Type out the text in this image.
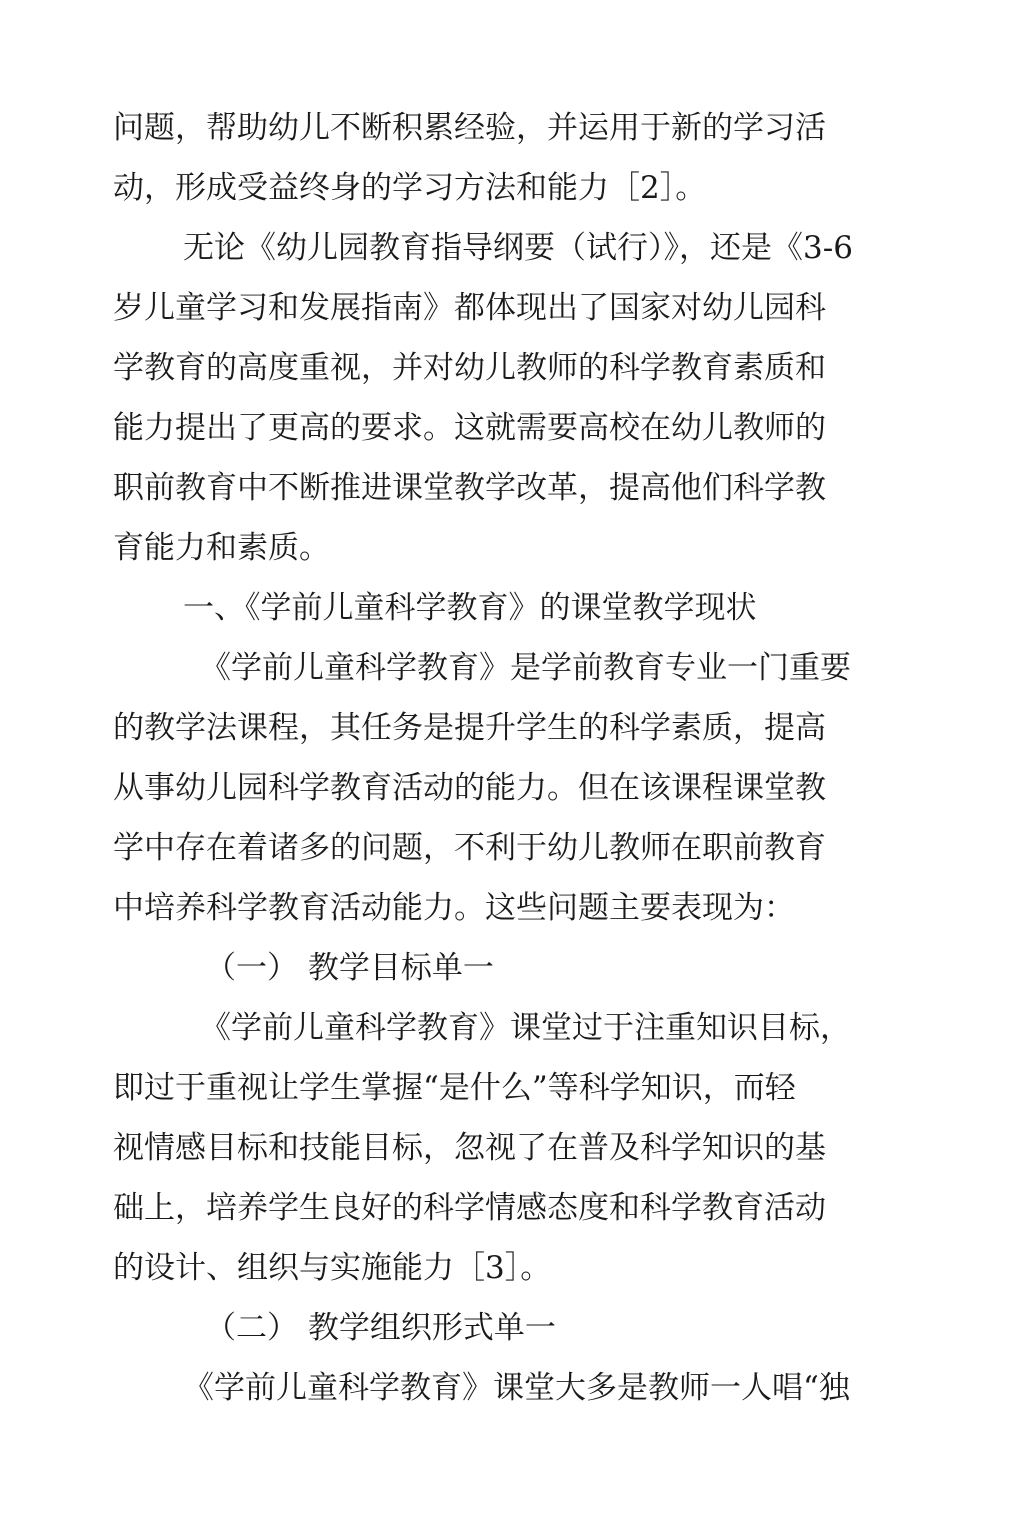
问题，帮助幼儿不断积累经验，并运用于新的学习活
动，形成受益终身的学习方法和能力［2］。
无论《幼儿园教育指导纲要（试行）》，还是《3-6
岁儿童学习和发展指南》都体现出了国家对幼儿园科
学教育的高度重视，并对幼儿教师的科学教育素质和
能力提出了更高的要求。这就需要高校在幼儿教师的
职前教育中不断推进课堂教学改革，提高他们科学教
育能力和素质。
一、《学前儿童科学教育》的课堂教学现状
《学前儿童科学教育》是学前教育专业一门重要
的教学法课程，其任务是提升学生的科学素质，提高
从事幼儿园科学教育活动的能力。但在该课程课堂教
学中存在着诸多的问题，不利于幼儿教师在职前教育
中培养科学教育活动能力。这些问题主要表现为：
（一） 教学目标单一
《学前儿童科学教育》课堂过于注重知识目标，
即过于重视让学生掌握“是什么”等科学知识，而轻
视情感目标和技能目标，忽视了在普及科学知识的基
础上，培养学生良好的科学情感态度和科学教育活动
的设计、组织与实施能力［3］。
（二） 教学组织形式单一
《学前儿童科学教育》课堂大多是教师一人唱“独
